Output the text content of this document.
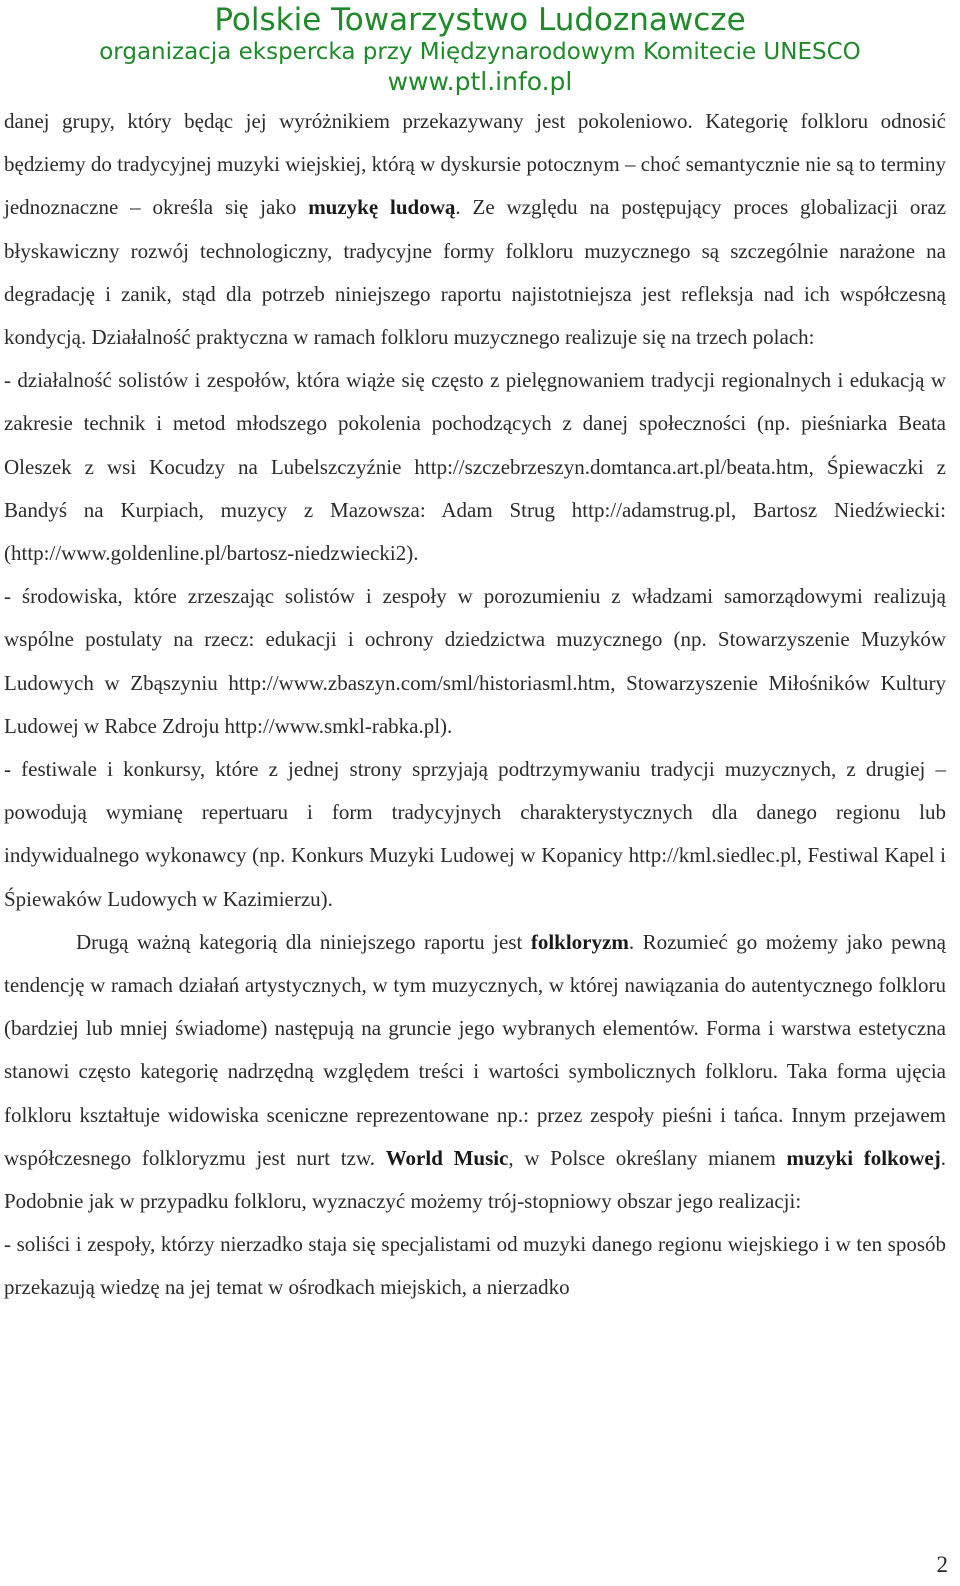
Polskie Towarzystwo Ludoznawcze
organizacja ekspercka przy Międzynarodowym Komitecie UNESCO
www.ptl.info.pl

danej grupy, który będąc jej wyróżnikiem przekazywany jest pokoleniowo. Kategorię folkloru odnosić będziemy do tradycyjnej muzyki wiejskiej, którą w dyskursie potocznym – choć semantycznie nie są to terminy jednoznaczne – określa się jako muzykę ludową. Ze względu na postępujący proces globalizacji oraz błyskawiczny rozwój technologiczny, tradycyjne formy folkloru muzycznego są szczególnie narażone na degradację i zanik, stąd dla potrzeb niniejszego raportu najistotniejsza jest refleksja nad ich współczesną kondycją. Działalność praktyczna w ramach folkloru muzycznego realizuje się na trzech polach:

- działalność solistów i zespołów, która wiąże się często z pielęgnowaniem tradycji regionalnych i edukacją w zakresie technik i metod młodszego pokolenia pochodzących z danej społeczności (np. pieśniarka Beata Oleszek z wsi Kocudzy na Lubelszczyźnie http://szczebrzeszyn.domtanca.art.pl/beata.htm, Śpiewaczki z Bandyś na Kurpiach, muzycy z Mazowsza: Adam Strug http://adamstrug.pl, Bartosz Niedźwiecki: (http://www.goldenline.pl/bartosz-niedzwiecki2).

- środowiska, które zrzeszając solistów i zespoły w porozumieniu z władzami samorządowymi realizują wspólne postulaty na rzecz: edukacji i ochrony dziedzictwa muzycznego (np. Stowarzyszenie Muzyków Ludowych w Zbąszyniu http://www.zbaszyn.com/sml/historiasml.htm, Stowarzyszenie Miłośników Kultury Ludowej w Rabce Zdroju http://www.smkl-rabka.pl).

- festiwale i konkursy, które z jednej strony sprzyjają podtrzymywaniu tradycji muzycznych, z drugiej – powodują wymianę repertuaru i form tradycyjnych charakterystycznych dla danego regionu lub indywidualnego wykonawcy (np. Konkurs Muzyki Ludowej w Kopanicy http://kml.siedlec.pl, Festiwal Kapel i Śpiewaków Ludowych w Kazimierzu).

Drugą ważną kategorią dla niniejszego raportu jest folkloryzm. Rozumieć go możemy jako pewną tendencję w ramach działań artystycznych, w tym muzycznych, w której nawiązania do autentycznego folkloru (bardziej lub mniej świadome) następują na gruncie jego wybranych elementów. Forma i warstwa estetyczna stanowi często kategorię nadrzędną względem treści i wartości symbolicznych folkloru. Taka forma ujęcia folkloru kształtuje widowiska sceniczne reprezentowane np.: przez zespoły pieśni i tańca. Innym przejawem współczesnego folkloryzmu jest nurt tzw. World Music, w Polsce określany mianem muzyki folkowej. Podobnie jak w przypadku folkloru, wyznaczyć możemy trój-stopniowy obszar jego realizacji:

- soliści i zespoły, którzy nierzadko staja się specjalistami od muzyki danego regionu wiejskiego i w ten sposób przekazują wiedzę na jej temat w ośrodkach miejskich, a nierzadko

2
